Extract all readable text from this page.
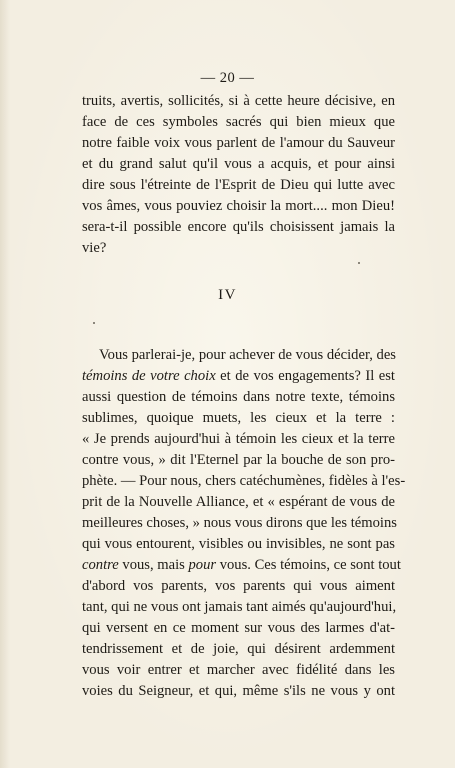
— 20 —
truits, avertis, sollicités, si à cette heure décisive, en
face de ces symboles sacrés qui bien mieux que
notre faible voix vous parlent de l'amour du Sauveur
et du grand salut qu'il vous a acquis, et pour ainsi
dire sous l'étreinte de l'Esprit de Dieu qui lutte avec
vos âmes, vous pouviez choisir la mort.... mon Dieu!
sera-t-il possible encore qu'ils choisissent jamais la
vie?
IV
Vous parlerai-je, pour achever de vous décider, des
témoins de votre choix et de vos engagements? Il est
aussi question de témoins dans notre texte, témoins
sublimes, quoique muets, les cieux et la terre :
« Je prends aujourd'hui à témoin les cieux et la terre
contre vous, » dit l'Eternel par la bouche de son pro-
phète. — Pour nous, chers catéchumènes, fidèles à l'es-
prit de la Nouvelle Alliance, et « espérant de vous de
meilleures choses, » nous vous dirons que les témoins
qui vous entourent, visibles ou invisibles, ne sont pas
contre vous, mais pour vous. Ces témoins, ce sont tout
d'abord vos parents, vos parents qui vous aiment
tant, qui ne vous ont jamais tant aimés qu'aujourd'hui,
qui versent en ce moment sur vous des larmes d'at-
tendrissement et de joie, qui désirent ardemment
vous voir entrer et marcher avec fidélité dans les
voies du Seigneur, et qui, même s'ils ne vous y ont
